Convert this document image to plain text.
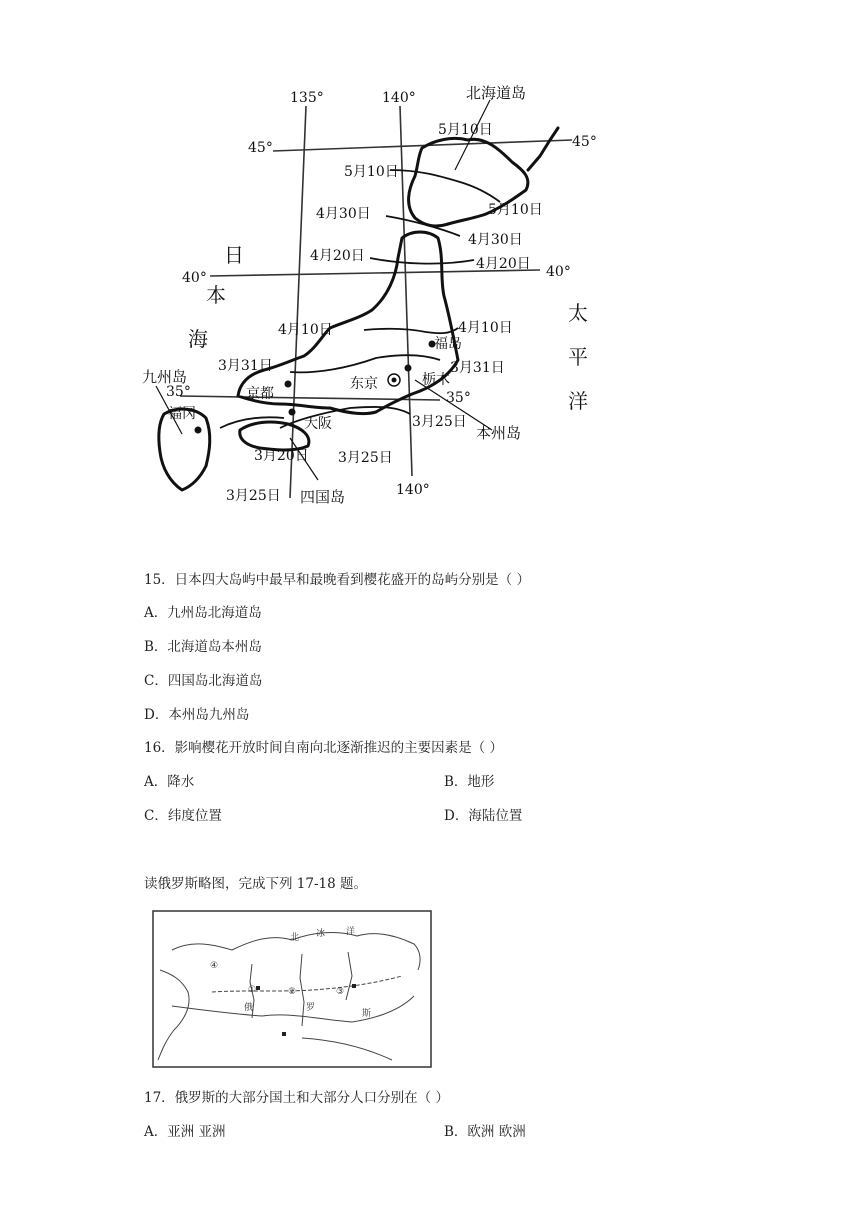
135°	140°
140°
45°	45°
40°	40°
35°	35°
北海道岛
本州岛
四国岛
九州岛
日
本
海
太
平
洋
东京
京都
大阪
福冈
福岛
栃木
5月10日
5月10日
5月10日
4月30日
4月30日
4月20日	4月20日
4月10日	4月10日
3月31日	3月31日
3月25日
3月25日
3月25日
3月20日
15．日本四大岛屿中最早和最晚看到樱花盛开的岛屿分别是（ ）
A．九州岛北海道岛
B．北海道岛本州岛
C．四国岛北海道岛
D．本州岛九州岛
16．影响樱花开放时间自南向北逐渐推迟的主要因素是（ ）
A．降水	B．地形
C．纬度位置	D．海陆位置
读俄罗斯略图，完成下列 17-18 题。
北 冰 洋
俄	罗
斯
①	②	③
④
17．俄罗斯的大部分国土和大部分人口分别在（ ）
A．亚洲 亚洲	B．欧洲 欧洲
